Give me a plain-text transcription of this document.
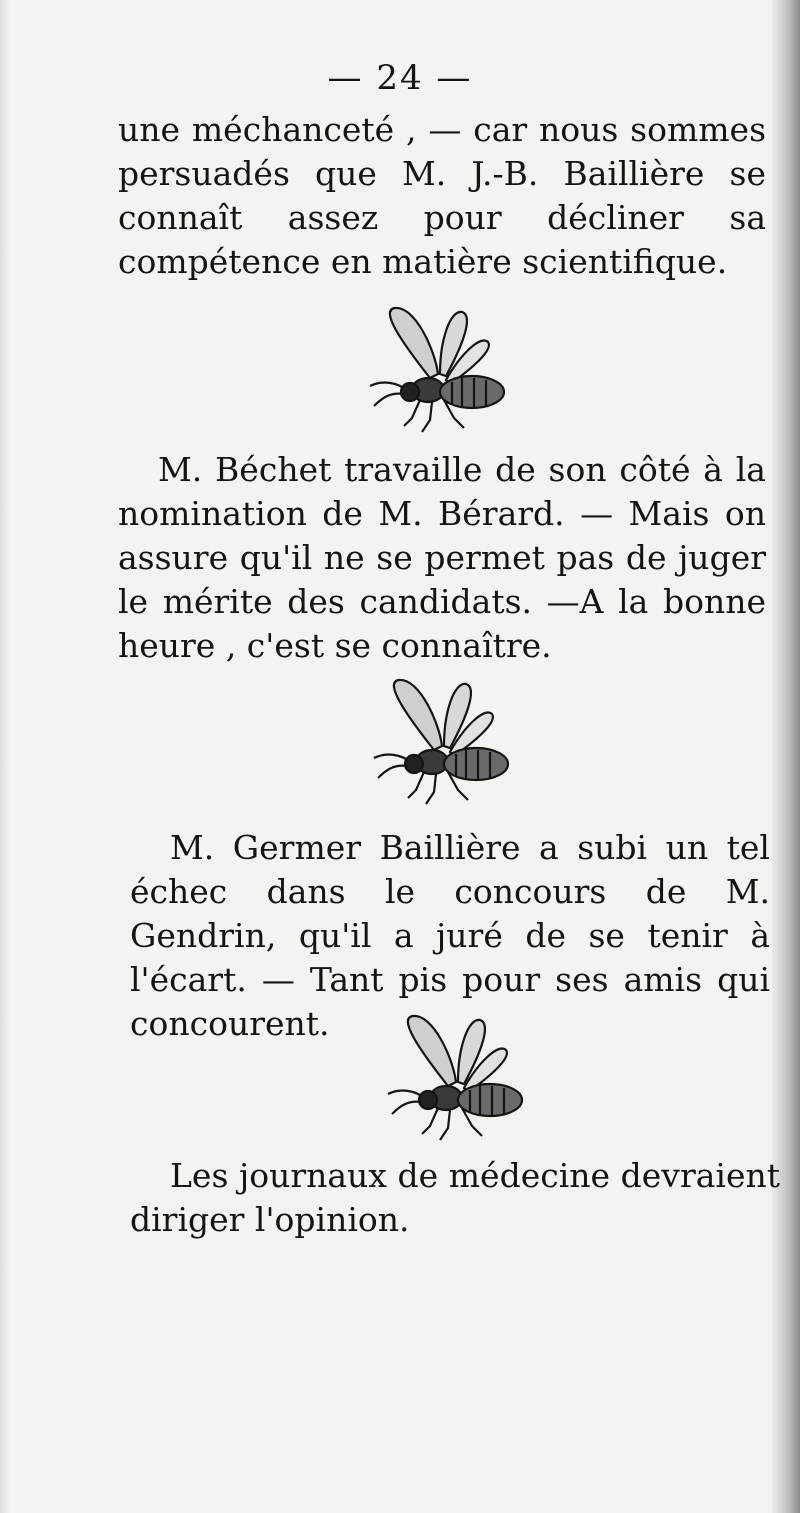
— 24 —

une méchanceté , — car nous sommes persuadés que M. J.-B. Baillière se connaît assez pour décliner sa compétence en matière scientifique.

M. Béchet travaille de son côté à la nomination de M. Bérard. — Mais on assure qu'il ne se permet pas de juger le mérite des candidats. —A la bonne heure , c'est se connaître.

M. Germer Baillière a subi un tel échec dans le concours de M. Gendrin, qu'il a juré de se tenir à l'écart. — Tant pis pour ses amis qui concourent.

Les journaux de médecine devraient diriger l'opinion.
